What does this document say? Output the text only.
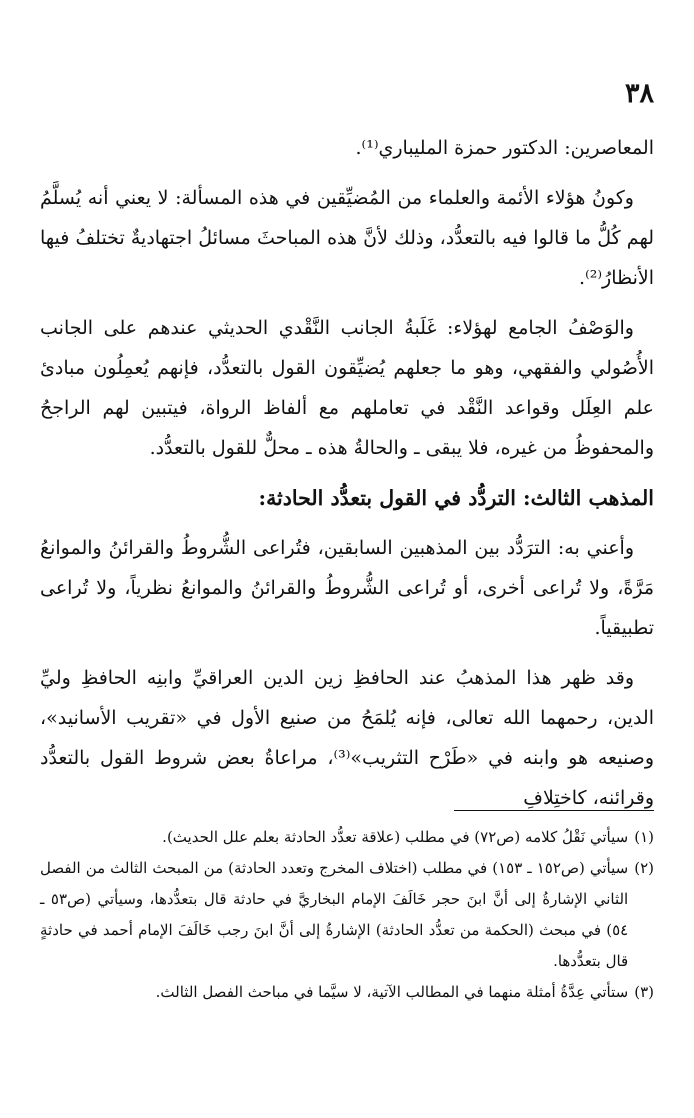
٣٨

المعاصرين: الدكتور حمزة المليباري⁽¹⁾.

وكونُ هؤلاء الأئمة والعلماء من المُضيِّقين في هذه المسألة: لا يعني أنه يُسلَّمُ لهم كُلُّ ما قالوا فيه بالتعدُّد، وذلك لأنَّ هذه المباحثَ مسائلُ اجتهاديةٌ تختلفُ فيها الأنظارُ⁽²⁾.

والوَصْفُ الجامع لهؤلاء: غَلَبةُ الجانب النَّقْدي الحديثي عندهم على الجانب الأُصُولي والفقهي، وهو ما جعلهم يُضيِّقون القول بالتعدُّد، فإنهم يُعمِلُون مبادئ علم العِلَل وقواعد النَّقْد في تعاملهم مع ألفاظ الرواة، فيتبين لهم الراجحُ والمحفوظُ من غيره، فلا يبقى ـ والحالةُ هذه ـ محلٌّ للقول بالتعدُّد.

المذهب الثالث: التردُّد في القول بتعدُّد الحادثة:

وأعني به: الترَدُّد بين المذهبين السابقين، فتُراعى الشُّروطُ والقرائنُ والموانعُ مَرَّةً، ولا تُراعى أخرى، أو تُراعى الشُّروطُ والقرائنُ والموانعُ نظرياً، ولا تُراعى تطبيقياً.

وقد ظهر هذا المذهبُ عند الحافظِ زين الدين العراقيِّ وابنِه الحافظِ وليِّ الدين، رحمهما الله تعالى، فإنه يُلمَحُ من صنيع الأول في «تقريب الأسانيد»، وصنيعه هو وابنه في «طَرْح التثريب»⁽³⁾، مراعاةُ بعض شروط القول بالتعدُّد وقرائنه، كاختِلافِ

(١)
سيأتي نَقْلُ كلامه (ص٧٢) في مطلب (علاقة تعدُّد الحادثة بعلم علل الحديث).
(٢)
سيأتي (ص١٥٢ ـ ١٥٣) في مطلب (اختلاف المخرج وتعدد الحادثة) من المبحث الثالث من الفصل الثاني الإشارةُ إلى أنَّ ابنَ حجر خَالَفَ الإمام البخاريَّ في حادثة قال بتعدُّدها، وسيأتي (ص٥٣ ـ ٥٤) في مبحث (الحكمة من تعدُّد الحادثة) الإشارةُ إلى أنَّ ابنَ رجب خَالَفَ الإمام أحمد في حادثةٍ قال بتعدُّدها.
(٣)
ستأتي عِدَّةُ أمثلة منهما في المطالب الآتية، لا سيَّما في مباحث الفصل الثالث.
